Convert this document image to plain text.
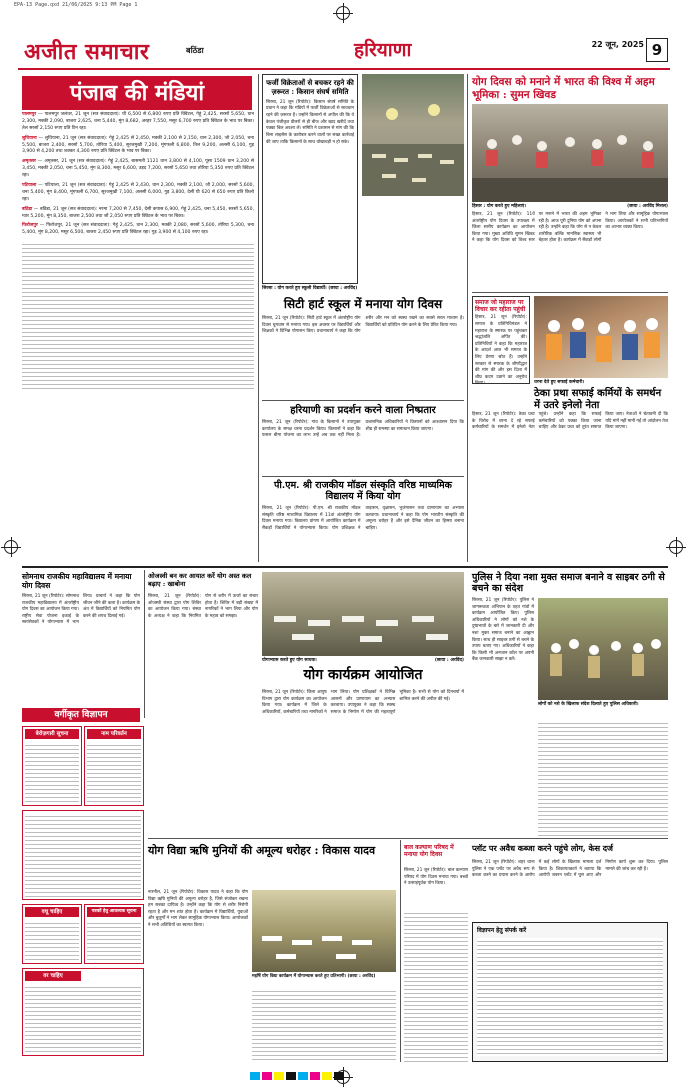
EPA-13 Page.qxd 21/06/2025 9:13 PM Page 1
अजीत समाचार	बठिंडा	हरियाणा	22 जून, 2025 9
पंजाब की मंडियां

पालमपुर — पालमपुर जलंधर, 21 जून (सत्र संवाददाता): घी 6,500 से 6,800 रुपए प्रति क्विंटल, गेहूं 2,425, सरसों 5,650, धान 2,300, मक्की 2,090, बाजरा 2,625, चना 5,440, मूंग 8,682, अरहर 7,550, मसूर 6,700 रुपए प्रति क्विंटल के भाव पर बिका। तेल सरसों 2,150 रुपए प्रति टिन रहा।

लुधियाना — लुधियाना, 21 जून (सत्र संवाददाता): गेहूं 2,425 से 2,450, मक्की 2,100 से 2,150, धान 2,300, जौ 2,050, चना 5,500, बाजरा 2,400, सरसों 5,700, तोरिया 5,400, सूरजमुखी 7,200, मूंगफली 6,800, तिल 9,200, अलसी 6,100, गुड़ 3,900 से 4,200 तथा शक्कर 4,300 रुपए प्रति क्विंटल के भाव पर बिका।

अमृतसर — अमृतसर, 21 जून (सत्र संवाददाता): गेहूं 2,425, बासमती 1121 धान 3,800 से 4,100, पूसा 1509 धान 3,200 से 3,450, मक्की 2,050, चना 5,450, मूंग 8,300, मसूर 6,600, उड़द 7,200, सरसों 5,650 तथा तोरिया 5,350 रुपए प्रति क्विंटल रहा।

पटियाला — पटियाला, 21 जून (सत्र संवाददाता): गेहूं 2,425 से 2,430, धान 2,300, मक्की 2,100, जौ 2,000, सरसों 5,600, चना 5,400, मूंग 8,400, मूंगफली 6,700, सूरजमुखी 7,100, अलसी 6,000, गुड़ 3,800, देसी घी 620 से 650 रुपए प्रति किलो रहा।

बठिंडा — बठिंडा, 21 जून (सत्र संवाददाता): नरमा 7,200 से 7,450, देसी कपास 6,900, गेहूं 2,425, चना 5,450, सरसों 5,650, ग्वार 5,200, मूंग 8,350, बाजरा 2,500 तथा जौ 2,050 रुपए प्रति क्विंटल के भाव पर बिका।

फिरोजपुर — फिरोजपुर, 21 जून (सत्र संवाददाता): गेहूं 2,425, धान 2,300, मक्की 2,080, सरसों 5,600, तोरिया 5,300, चना 5,400, मूंग 8,200, मसूर 6,500, बाजरा 2,450 रुपए प्रति क्विंटल रहा। गुड़ 3,900 से 4,100 रुपए रहा।

फर्जी विक्रेताओं से बचकर रहने की ज़रूरत : किसान संघर्ष समिति
सिरसा, 21 जून (रिपोर्टर): किसान संघर्ष समिति के प्रधान ने कहा कि मंडियों में फर्जी विक्रेताओं से सावधान रहने की ज़रूरत है। उन्होंने किसानों से अपील की कि वे केवल पंजीकृत डीलरों से ही बीज और खाद खरीदें तथा पक्का बिल अवश्य लें। समिति ने प्रशासन से मांग की कि बिना लाइसेंस के कारोबार करने वालों पर सख्त कार्रवाई की जाए ताकि किसानों के साथ धोखाधड़ी न हो सके।
सिरसा : योग करते हुए स्कूली विद्यार्थी। (छाया : अरविंद)
सिटी हार्ट स्कूल में मनाया योग दिवस
सिरसा, 21 जून (रिपोर्टर): सिटी हार्ट स्कूल में अंतर्राष्ट्रीय योग दिवस धूमधाम से मनाया गया। इस अवसर पर विद्यार्थियों और शिक्षकों ने विभिन्न योगासन किए। प्रधानाचार्य ने कहा कि योग शरीर और मन को स्वस्थ रखने का सबसे सरल माध्यम है। विद्यार्थियों को प्रतिदिन योग करने के लिए प्रेरित किया गया।
हरियाणी का प्रदर्शन करने वाला निष्प्रतार
सिरसा, 21 जून (रिपोर्टर): गांव के किसानों ने उपायुक्त कार्यालय के समक्ष धरना प्रदर्शन किया। किसानों ने कहा कि फसल बीमा योजना का लाभ उन्हें अब तक नहीं मिला है। प्रशासनिक अधिकारियों ने किसानों को आश्वासन दिया कि शीघ्र ही समस्या का समाधान किया जाएगा।
पी.एम. श्री राजकीय मॉडल संस्कृति वरिष्ठ माध्यमिक विद्यालय में किया योग
सिरसा, 21 जून (रिपोर्टर): पी.एम. श्री राजकीय मॉडल संस्कृति वरिष्ठ माध्यमिक विद्यालय में 11वां अंतर्राष्ट्रीय योग दिवस मनाया गया। विद्यालय प्रांगण में आयोजित कार्यक्रम में सैकड़ों विद्यार्थियों ने योगाभ्यास किया। योग प्रशिक्षक ने ताड़ासन, वृक्षासन, भुजंगासन तथा प्राणायाम का अभ्यास करवाया। प्रधानाचार्य ने कहा कि योग भारतीय संस्कृति की अमूल्य धरोहर है और इसे दैनिक जीवन का हिस्सा बनाना चाहिए।
योग दिवस को मनाने में भारत की विश्व में अहम भूमिका : सुमन खिवड
हिसार : योग करते हुए महिलाएं।	(छाया : अरविंद मित्तल)
हिसार, 21 जून (रिपोर्टर): 11वें अंतर्राष्ट्रीय योग दिवस के उपलक्ष्य में जिला स्तरीय कार्यक्रम का आयोजन किया गया। मुख्य अतिथि सुमन खिवड ने कहा कि योग दिवस को विश्व स्तर पर मनाने में भारत की अहम भूमिका रही है। आज पूरी दुनिया योग को अपना रही है। उन्होंने कहा कि योग से न केवल शारीरिक बल्कि मानसिक स्वास्थ्य भी बेहतर होता है। कार्यक्रम में सैकड़ों लोगों ने भाग लिया और सामूहिक योगाभ्यास किया। आयोजकों ने सभी प्रतिभागियों का आभार व्यक्त किया।
समाज जो महाराज पर विचार कर रहीता पहुंची
हिसार, 21 जून (रिपोर्टर): समाज के प्रतिनिधिमंडल ने महाराज के स्मारक पर पहुंचकर श्रद्धांजलि अर्पित की। प्रतिनिधियों ने कहा कि महाराज के आदर्श आज भी समाज के लिए प्रेरणा स्रोत हैं। उन्होंने सरकार से स्मारक के जीर्णोद्धार की मांग की और इस दिशा में शीघ्र कदम उठाने का अनुरोध किया।	धरना देते हुए सफाई कर्मचारी।
ठेका प्रथा सफाई कर्मियों के समर्थन में उतरे इनेलो नेता
हिसार, 21 जून (रिपोर्टर): ठेका प्रथा के विरोध में धरना दे रहे सफाई कर्मचारियों के समर्थन में इनेलो नेता पहुंचे। उन्होंने कहा कि सफाई कर्मचारियों को पक्का किया जाना चाहिए और ठेका प्रथा को तुरंत समाप्त किया जाए। नेताओं ने चेतावनी दी कि यदि मांगें नहीं मानी गईं तो आंदोलन तेज किया जाएगा।
सोमनाथ राजकीय महाविद्यालय में मनाया योग दिवस
सिरसा, 21 जून (रिपोर्टर): सोमनाथ राजकीय महाविद्यालय में अंतर्राष्ट्रीय योग दिवस का आयोजन किया गया। राष्ट्रीय सेवा योजना इकाई के स्वयंसेवकों ने योगाभ्यास में भाग लिया। प्राचार्य ने कहा कि योग जीवन जीने की कला है। कार्यक्रम के अंत में विद्यार्थियों को नियमित योग करने की शपथ दिलाई गई।
ओजस्वी बन कर आयात करें योग अस्त कल बढ़ाए : खाबोना
सिरसा, 21 जून (रिपोर्टर): ओजस्वी संस्था द्वारा योग शिविर का आयोजन किया गया। संस्था के अध्यक्ष ने कहा कि नियमित योग से शरीर में ऊर्जा का संचार होता है। शिविर में बड़ी संख्या में नागरिकों ने भाग लिया और योग के महत्व को समझा।
वर्गीकृत विज्ञापन
बेरोज़गारी सूचना	नाम परिवर्तन
वधू चाहिए	पत्रकों हेतु आवश्यक सूचना
वर चाहिए
योगाभ्यास करते हुए योग साधक।	(छाया : अरविंद)
योग कार्यक्रम आयोजित
सिरसा, 21 जून (रिपोर्टर): जिला आयुष विभाग द्वारा योग कार्यक्रम का आयोजन किया गया। कार्यक्रम में जिले के अधिकारियों, कर्मचारियों तथा नागरिकों ने भाग लिया। योग प्रशिक्षकों ने विभिन्न आसनों और प्राणायाम का अभ्यास करवाया। उपायुक्त ने कहा कि स्वस्थ समाज के निर्माण में योग की महत्वपूर्ण भूमिका है। सभी से योग को दिनचर्या में शामिल करने की अपील की गई।
पुलिस ने दिया नशा मुक्त समाज बनाने व साइबर ठगी से बचने का संदेश
सिरसा, 21 जून (रिपोर्टर): पुलिस ने जागरूकता अभियान के तहत गांवों में कार्यक्रम आयोजित किए। पुलिस अधिकारियों ने लोगों को नशे के दुष्प्रभावों के बारे में जानकारी दी और नशा मुक्त समाज बनाने का आह्वान किया। साथ ही साइबर ठगी से बचने के उपाय बताए गए। अधिकारियों ने कहा कि किसी भी अनजान कॉल पर अपनी बैंक जानकारी साझा न करें।
लोगों को नशे के खिलाफ संदेश दिलाते हुए पुलिस अधिकारी।
योग विद्या ऋषि मुनियों की अमूल्य धरोहर : विकास यादव
नारनौल, 21 जून (रिपोर्टर): विकास यादव ने कहा कि योग विद्या ऋषि मुनियों की अमूल्य धरोहर है, जिसे संजोकर रखना हम सबका दायित्व है। उन्होंने कहा कि योग से शरीर निरोगी रहता है और मन शांत होता है। कार्यक्रम में विद्यार्थियों, युवाओं और बुजुर्गों ने भाग लेकर सामूहिक योगाभ्यास किया। आयोजकों ने सभी अतिथियों का स्वागत किया।
महर्षि योग विद्या कार्यक्रम में योगाभ्यास करते हुए प्रतिभागी। (छाया : अरविंद)
बाल कल्याण परिषद में मनाया योग दिवस
सिरसा, 21 जून (रिपोर्टर): बाल कल्याण परिषद में योग दिवस मनाया गया। बच्चों ने उत्साहपूर्वक योग किया।
प्लॉट पर अवैध कब्जा करने पहुंचे लोग, केस दर्ज
सिरसा, 21 जून (रिपोर्टर): शहर थाना पुलिस ने एक प्लॉट पर अवैध रूप से कब्जा करने का प्रयास करने के आरोप में कई लोगों के खिलाफ मामला दर्ज किया है। शिकायतकर्ता ने बताया कि आरोपी जबरन प्लॉट में घुस आए और निर्माण कार्य शुरू कर दिया। पुलिस मामले की जांच कर रही है।
विज्ञापन हेतु संपर्क करें
